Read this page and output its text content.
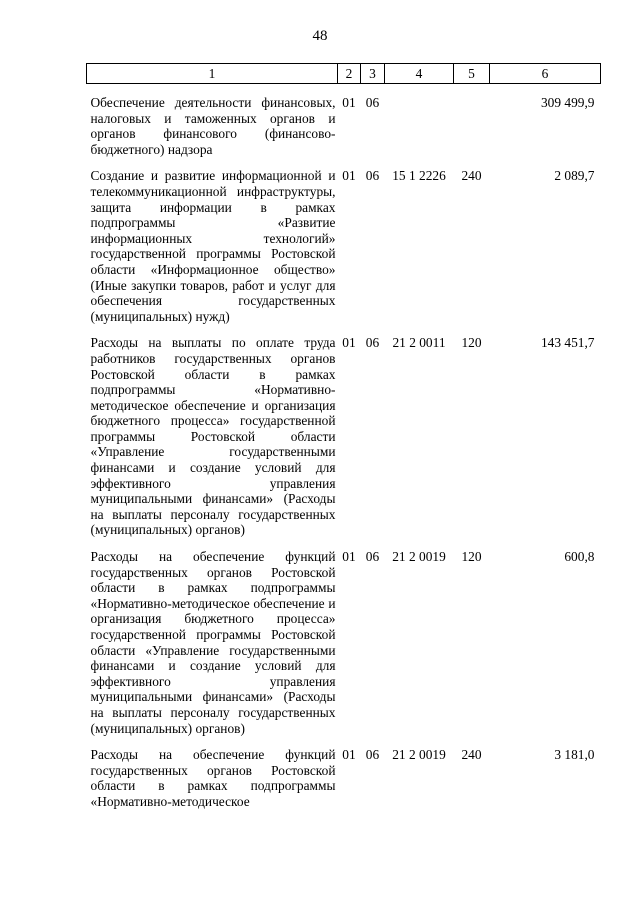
48
1	2	3	4	5	6

Обеспечение деятельности финансовых, налоговых и таможенных органов и органов финансового (финансово-бюджетного) надзора	01	06			309 499,9

Создание и развитие информационной и телекоммуникационной инфраструктуры, защита информации в рамках подпрограммы «Развитие информационных технологий» государственной программы Ростовской области «Информационное общество» (Иные закупки товаров, работ и услуг для обеспечения государственных (муниципальных) нужд)	01	06	15 1 2226	240	2 089,7

Расходы на выплаты по оплате труда работников государственных органов Ростовской области в рамках подпрограммы «Нормативно-методическое обеспечение и организация бюджетного процесса» государственной программы Ростовской области «Управление государственными финансами и создание условий для эффективного управления муниципальными финансами» (Расходы на выплаты персоналу государственных (муниципальных) органов)	01	06	21 2 0011	120	143 451,7

Расходы на обеспечение функций государственных органов Ростовской области в рамках подпрограммы «Нормативно-методическое обеспечение и организация бюджетного процесса» государственной программы Ростовской области «Управление государственными финансами и создание условий для эффективного управления муниципальными финансами» (Расходы на выплаты персоналу государственных (муниципальных) органов)	01	06	21 2 0019	120	600,8

Расходы на обеспечение функций государственных органов Ростовской области в рамках подпрограммы «Нормативно-методическое	01	06	21 2 0019	240	3 181,0
